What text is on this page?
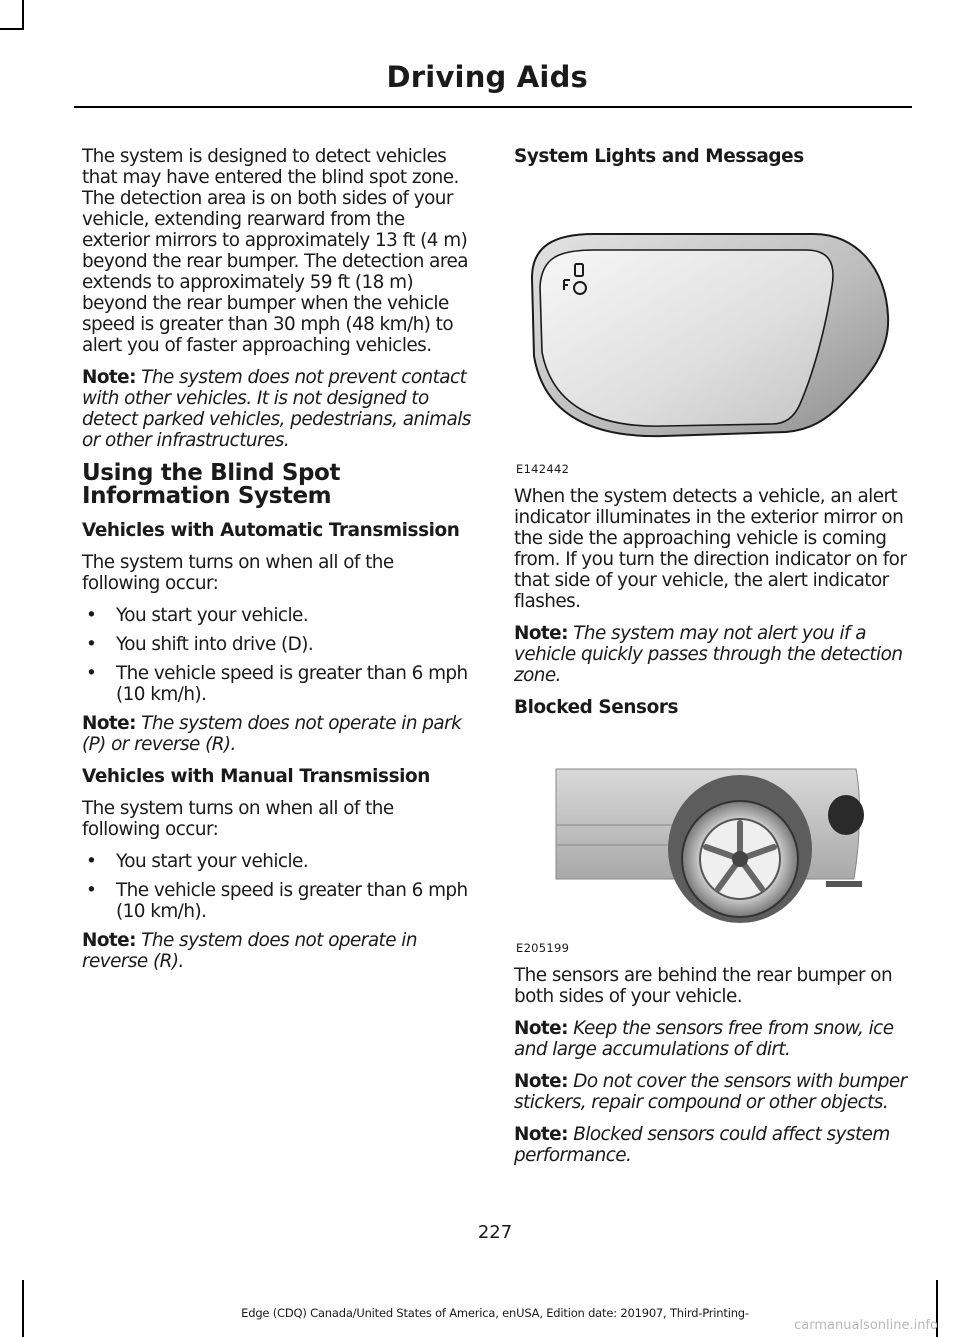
Driving Aids

The system is designed to detect vehicles that may have entered the blind spot zone. The detection area is on both sides of your vehicle, extending rearward from the exterior mirrors to approximately 13 ft (4 m) beyond the rear bumper. The detection area extends to approximately 59 ft (18 m) beyond the rear bumper when the vehicle speed is greater than 30 mph (48 km/h) to alert you of faster approaching vehicles.

Note: The system does not prevent contact with other vehicles. It is not designed to detect parked vehicles, pedestrians, animals or other infrastructures.

Using the Blind Spot Information System
Vehicles with Automatic Transmission

The system turns on when all of the following occur:

• You start your vehicle.
• You shift into drive (D).
• The vehicle speed is greater than 6 mph (10 km/h).

Note: The system does not operate in park (P) or reverse (R).

Vehicles with Manual Transmission

The system turns on when all of the following occur:

• You start your vehicle.
• The vehicle speed is greater than 6 mph (10 km/h).

Note: The system does not operate in reverse (R).

System Lights and Messages
E142442

When the system detects a vehicle, an alert indicator illuminates in the exterior mirror on the side the approaching vehicle is coming from. If you turn the direction indicator on for that side of your vehicle, the alert indicator flashes.

Note: The system may not alert you if a vehicle quickly passes through the detection zone.

Blocked Sensors
E205199

The sensors are behind the rear bumper on both sides of your vehicle.

Note: Keep the sensors free from snow, ice and large accumulations of dirt.

Note: Do not cover the sensors with bumper stickers, repair compound or other objects.

Note: Blocked sensors could affect system performance.

227
Edge (CDQ) Canada/United States of America, enUSA, Edition date: 201907, Third-Printing-
carmanualsonline.info
